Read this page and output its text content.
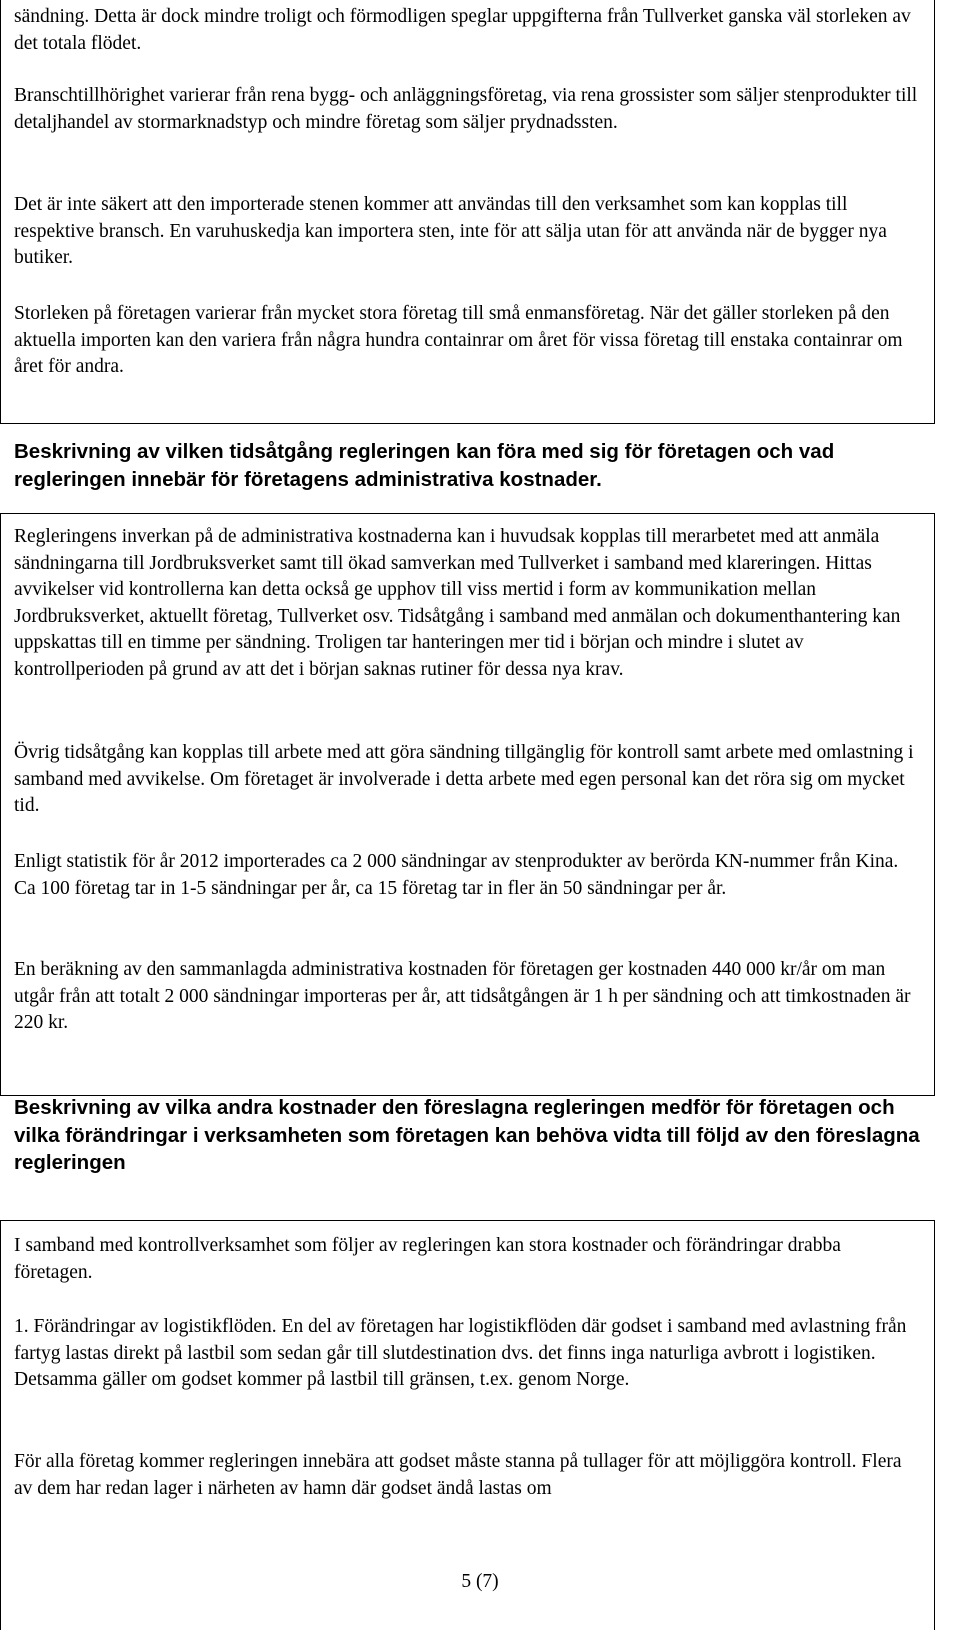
sändning. Detta är dock mindre troligt och förmodligen speglar uppgifterna från Tullverket ganska väl storleken av det totala flödet.

Branschtillhörighet varierar från rena bygg- och anläggningsföretag, via rena grossister som säljer stenprodukter till detaljhandel av stormarknadstyp och mindre företag som säljer prydnadssten.

Det är inte säkert att den importerade stenen kommer att användas till den verksamhet som kan kopplas till respektive bransch. En varuhuskedja kan importera sten, inte för att sälja utan för att använda när de bygger nya butiker.

Storleken på företagen varierar från mycket stora företag till små enmansföretag. När det gäller storleken på den aktuella importen kan den variera från några hundra containrar om året för vissa företag till enstaka containrar om året för andra.

Beskrivning av vilken tidsåtgång regleringen kan föra med sig för företagen och vad regleringen innebär för företagens administrativa kostnader.

Regleringens inverkan på de administrativa kostnaderna kan i huvudsak kopplas till merarbetet med att anmäla sändningarna till Jordbruksverket samt till ökad samverkan med Tullverket i samband med klareringen. Hittas avvikelser vid kontrollerna kan detta också ge upphov till viss mertid i form av kommunikation mellan Jordbruksverket, aktuellt företag, Tullverket osv. Tidsåtgång i samband med anmälan och dokumenthantering kan uppskattas till en timme per sändning. Troligen tar hanteringen mer tid i början och mindre i slutet av kontrollperioden på grund av att det i början saknas rutiner för dessa nya krav.

Övrig tidsåtgång kan kopplas till arbete med att göra sändning tillgänglig för kontroll samt arbete med omlastning i samband med avvikelse. Om företaget är involverade i detta arbete med egen personal kan det röra sig om mycket tid.

Enligt statistik för år 2012 importerades ca 2 000 sändningar av stenprodukter av berörda KN-nummer från Kina. Ca 100 företag tar in 1-5 sändningar per år, ca 15 företag tar in fler än 50 sändningar per år.

En beräkning av den sammanlagda administrativa kostnaden för företagen ger kostnaden 440 000 kr/år om man utgår från att totalt 2 000 sändningar importeras per år, att tidsåtgången är 1 h per sändning och att timkostnaden är 220 kr.

Beskrivning av vilka andra kostnader den föreslagna regleringen medför för företagen och vilka förändringar i verksamheten som företagen kan behöva vidta till följd av den föreslagna regleringen

I samband med kontrollverksamhet som följer av regleringen kan stora kostnader och förändringar drabba företagen.

1. Förändringar av logistikflöden. En del av företagen har logistikflöden där godset i samband med avlastning från fartyg lastas direkt på lastbil som sedan går till slutdestination dvs. det finns inga naturliga avbrott i logistiken. Detsamma gäller om godset kommer på lastbil till gränsen, t.ex. genom Norge.

För alla företag kommer regleringen innebära att godset måste stanna på tullager för att möjliggöra kontroll. Flera av dem har redan lager i närheten av hamn där godset ändå lastas om

5 (7)
